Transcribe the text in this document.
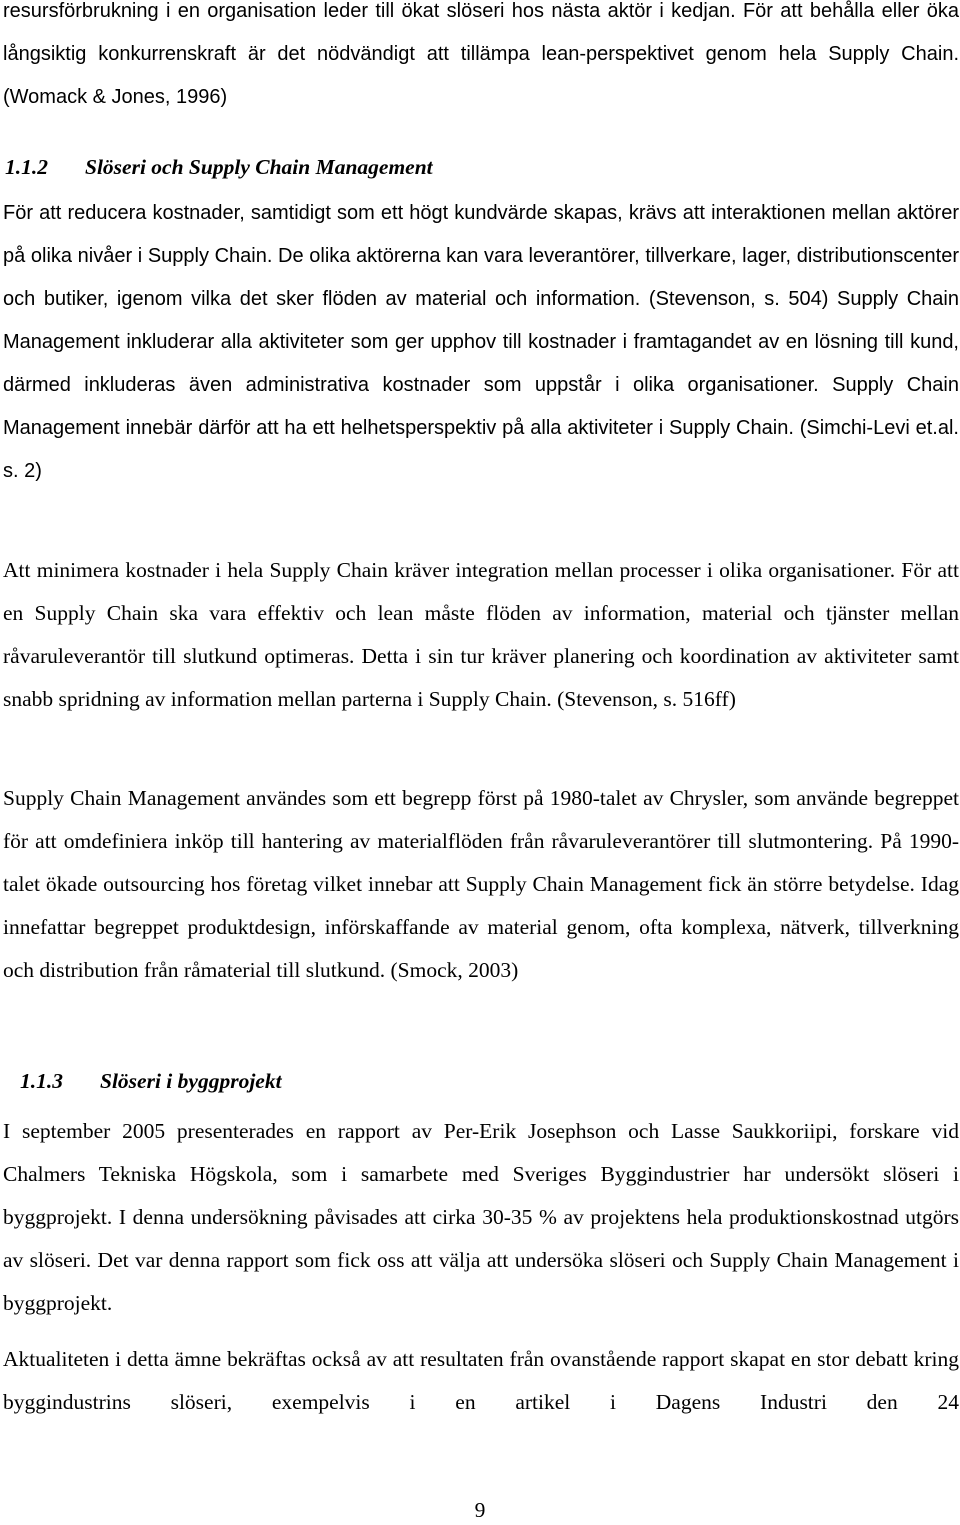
resursförbrukning i en organisation leder till ökat slöseri hos nästa aktör i kedjan. För att behålla eller öka långsiktig konkurrenskraft är det nödvändigt att tillämpa lean-perspektivet genom hela Supply Chain. (Womack & Jones, 1996)

1.1.2 Slöseri och Supply Chain Management

För att reducera kostnader, samtidigt som ett högt kundvärde skapas, krävs att interaktionen mellan aktörer på olika nivåer i Supply Chain. De olika aktörerna kan vara leverantörer, tillverkare, lager, distributionscenter och butiker, igenom vilka det sker flöden av material och information. (Stevenson, s. 504) Supply Chain Management inkluderar alla aktiviteter som ger upphov till kostnader i framtagandet av en lösning till kund, därmed inkluderas även administrativa kostnader som uppstår i olika organisationer. Supply Chain Management innebär därför att ha ett helhetsperspektiv på alla aktiviteter i Supply Chain. (Simchi-Levi et.al. s. 2)

Att minimera kostnader i hela Supply Chain kräver integration mellan processer i olika organisationer. För att en Supply Chain ska vara effektiv och lean måste flöden av information, material och tjänster mellan råvaruleverantör till slutkund optimeras. Detta i sin tur kräver planering och koordination av aktiviteter samt snabb spridning av information mellan parterna i Supply Chain. (Stevenson, s. 516ff)

Supply Chain Management användes som ett begrepp först på 1980-talet av Chrysler, som använde begreppet för att omdefiniera inköp till hantering av materialflöden från råvaruleverantörer till slutmontering. På 1990-talet ökade outsourcing hos företag vilket innebar att Supply Chain Management fick än större betydelse. Idag innefattar begreppet produktdesign, införskaffande av material genom, ofta komplexa, nätverk, tillverkning och distribution från råmaterial till slutkund. (Smock, 2003)

1.1.3 Slöseri i byggprojekt

I september 2005 presenterades en rapport av Per-Erik Josephson och Lasse Saukkoriipi, forskare vid Chalmers Tekniska Högskola, som i samarbete med Sveriges Byggindustrier har undersökt slöseri i byggprojekt. I denna undersökning påvisades att cirka 30-35 % av projektens hela produktionskostnad utgörs av slöseri. Det var denna rapport som fick oss att välja att undersöka slöseri och Supply Chain Management i byggprojekt.

Aktualiteten i detta ämne bekräftas också av att resultaten från ovanstående rapport skapat en stor debatt kring byggindustrins slöseri, exempelvis i en artikel i Dagens Industri den 24

9
